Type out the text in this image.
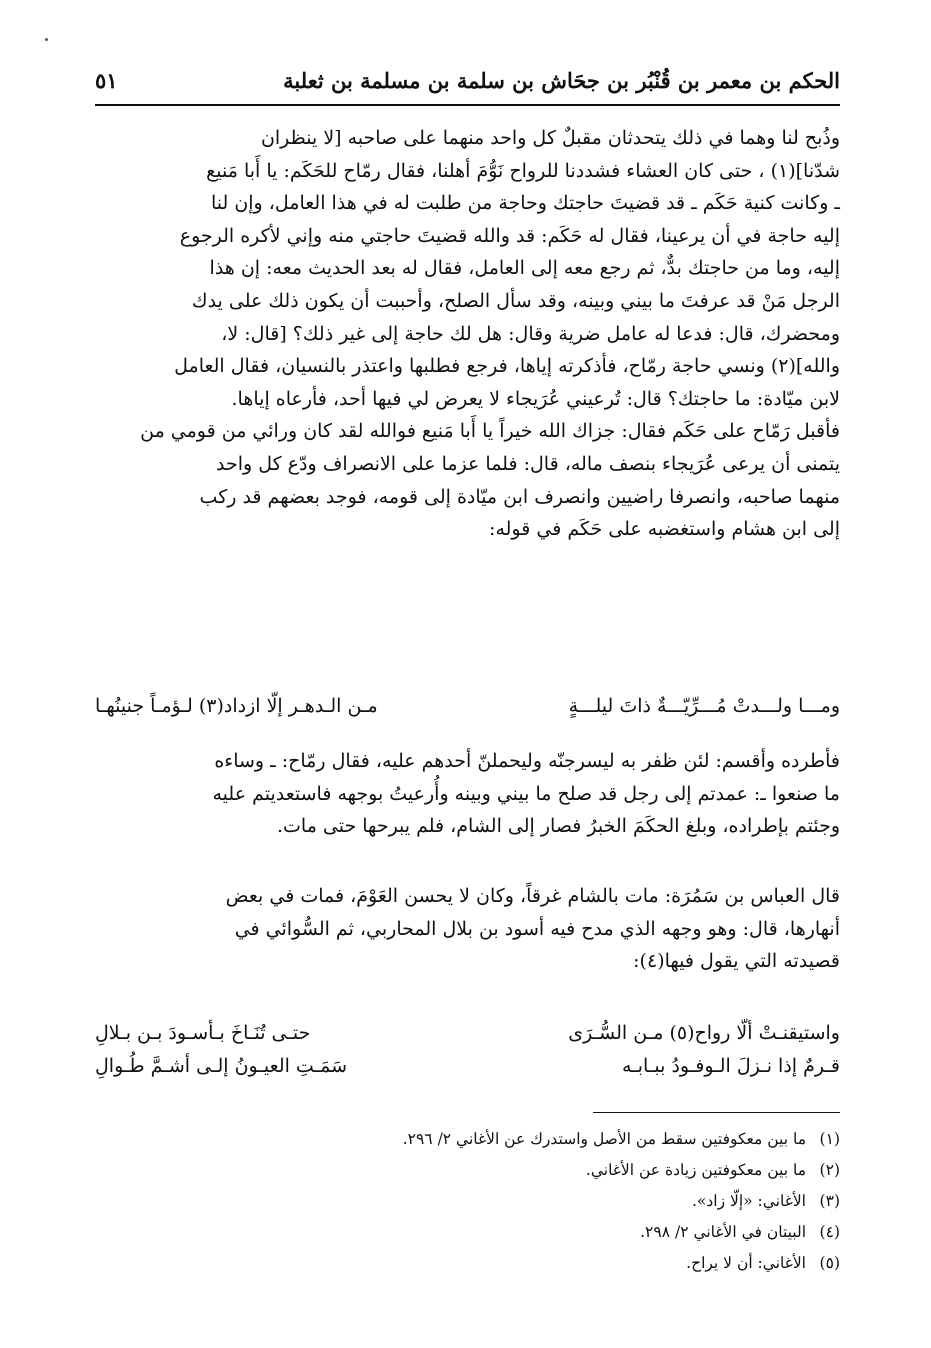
الحكم بن معمر بن قُنْبُر بن جحَاش بن سلمة بن مسلمة بن ثعلبة
٥١

وذُبح لنا وهما في ذلك يتحدثان مقبلٌ كل واحد منهما على صاحبه [لا ينظران

شدّنا](١) ، حتى كان العشاء فشددنا للرواح نَوُّمَ أهلنا، فقال رمّاح للحَكَم: يا أَبا مَنيع

ـ وكانت كنية حَكَم ـ قد قضيتَ حاجتك وحاجة من طلبت له في هذا العامل، وإن لنا

إليه حاجة في أن يرعينا، فقال له حَكَم: قد والله قضيتَ حاجتي منه وإني لأكره الرجوع

إليه، وما من حاجتك بدٌّ، ثم رجع معه إلى العامل، فقال له بعد الحديث معه: إن هذا

الرجل مَنْ قد عرفتَ ما بيني وبينه، وقد سأل الصلح، وأحببت أن يكون ذلك على يدك

ومحضرك، قال: فدعا له عامل ضرية وقال: هل لك حاجة إلى غير ذلك؟ [قال: لا،

والله](٢) ونسي حاجة رمّاح، فأذكرته إياها، فرجع فطلبها واعتذر بالنسيان، فقال العامل

لابن ميّادة: ما حاجتك؟ قال: تُرعيني عُرَيجاء لا يعرض لي فيها أحد، فأرعاه إياها.

فأقبل رَمّاح على حَكَم فقال: جزاك الله خيراً يا أَبا مَنيع فوالله لقد كان ورائي من قومي من

يتمنى أن يرعى عُرَيجاء بنصف ماله، قال: فلما عزما على الانصراف ودّع كل واحد

منهما صاحبه، وانصرفا راضيين وانصرف ابن ميّادة إلى قومه، فوجد بعضهم قد ركب

إلى ابن هشام واستغضبه على حَكَم في قوله:

ومـــا ولـــدتْ مُـــرِّيّـــةٌ ذاتَ ليلـــةٍ
مـن الـدهـر إلّا ازداد(٣) لـؤمـاً جنينُهـا

فأطرده وأقسم: لئن ظفر به ليسرجنّه وليحملنّ أحدهم عليه، فقال رمّاح: ـ وساءه

ما صنعوا ـ: عمدتم إلى رجل قد صلح ما بيني وبينه وأُرعيتُ بوجهه فاستعديتم عليه

وجئتم بإطراده، وبلغ الحكَمَ الخبرُ فصار إلى الشام، فلم يبرحها حتى مات.

قال العباس بن سَمُرَة: مات بالشام غرقاً، وكان لا يحسن العَوْمَ، فمات في بعض

أنهارها، قال: وهو وجهه الذي مدح فيه أسود بن بلال المحاربي، ثم السُّوائي في

قصيدته التي يقول فيها(٤):

واستيقنـتْ ألّا رواح(٥) مـن السُّـرَى
حتـى تُنَـاخَ بـأسـودَ بـن بـلالِ
قـرمٌ إذا نـزلَ الـوفـودُ ببـابـه
سَمَـتِ العيـونُ إلـى أشـمَّ طُـوالِ
(١)ما بين معكوفتين سقط من الأصل واستدرك عن الأغاني ٢/ ٢٩٦.
(٢)ما بين معكوفتين زيادة عن الأغاني.
(٣)الأغاني: «إلّا زاد».
(٤)البيتان في الأغاني ٢/ ٢٩٨.
(٥)الأغاني: أن لا يراح.
